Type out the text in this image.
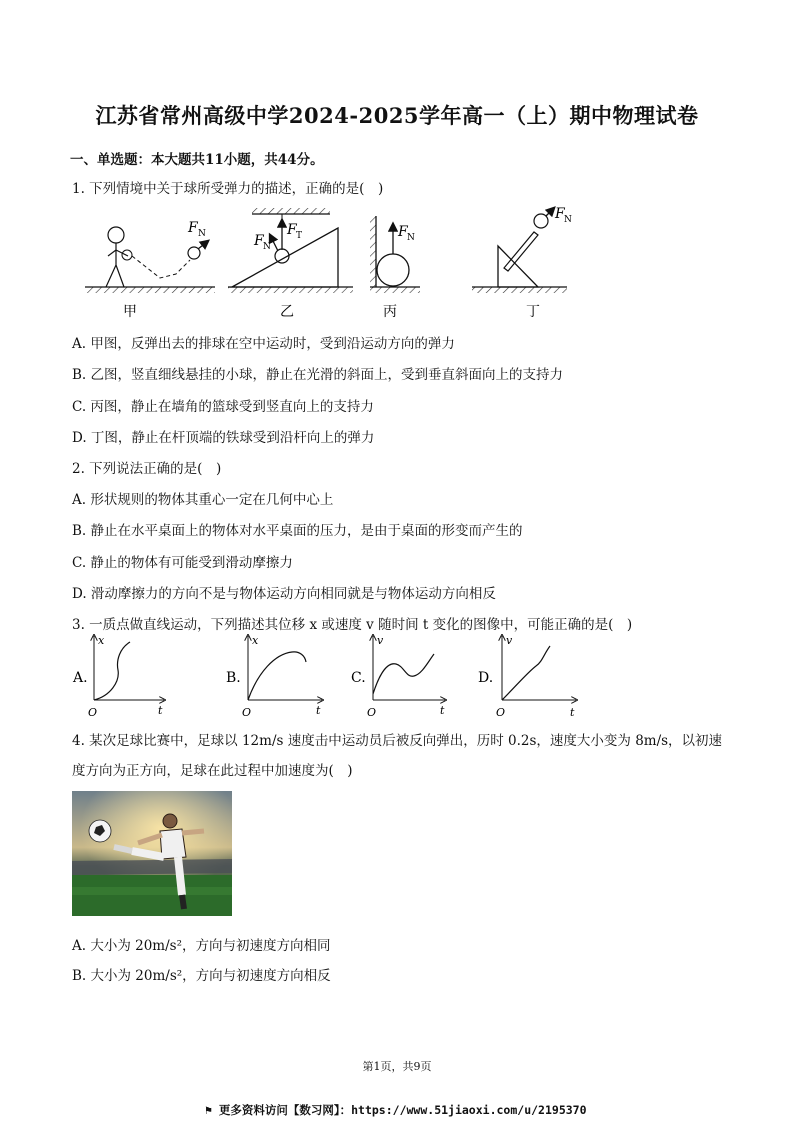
江苏省常州高级中学2024-2025学年高一（上）期中物理试卷
一、单选题：本大题共11小题，共44分。
1. 下列情境中关于球所受弹力的描述，正确的是(　)
F N	F N
F T	F N
F N
甲	乙	丙	丁
A. 甲图，反弹出去的排球在空中运动时，受到沿运动方向的弹力
B. 乙图，竖直细线悬挂的小球，静止在光滑的斜面上，受到垂直斜面向上的支持力
C. 丙图，静止在墙角的篮球受到竖直向上的支持力
D. 丁图，静止在杆顶端的铁球受到沿杆向上的弹力
2. 下列说法正确的是(　)
A. 形状规则的物体其重心一定在几何中心上
B. 静止在水平桌面上的物体对水平桌面的压力，是由于桌面的形变而产生的
C. 静止的物体有可能受到滑动摩擦力
D. 滑动摩擦力的方向不是与物体运动方向相同就是与物体运动方向相反
3. 一质点做直线运动，下列描述其位移 x 或速度 v 随时间 t 变化的图像中，可能正确的是(　)
A.
x
t
O
B.
x
t
O
C.
v
t
O
D.
v
t
O
4. 某次足球比赛中，足球以 12m/s 速度击中运动员后被反向弹出，历时 0.2s，速度大小变为 8m/s，以初速度方向为正方向，足球在此过程中加速度为(　)
A. 大小为 20m/s²，方向与初速度方向相同
B. 大小为 20m/s²，方向与初速度方向相反
第1页，共9页
⚑ 更多资料访问【数习网】：https://www.51jiaoxi.com/u/2195370
